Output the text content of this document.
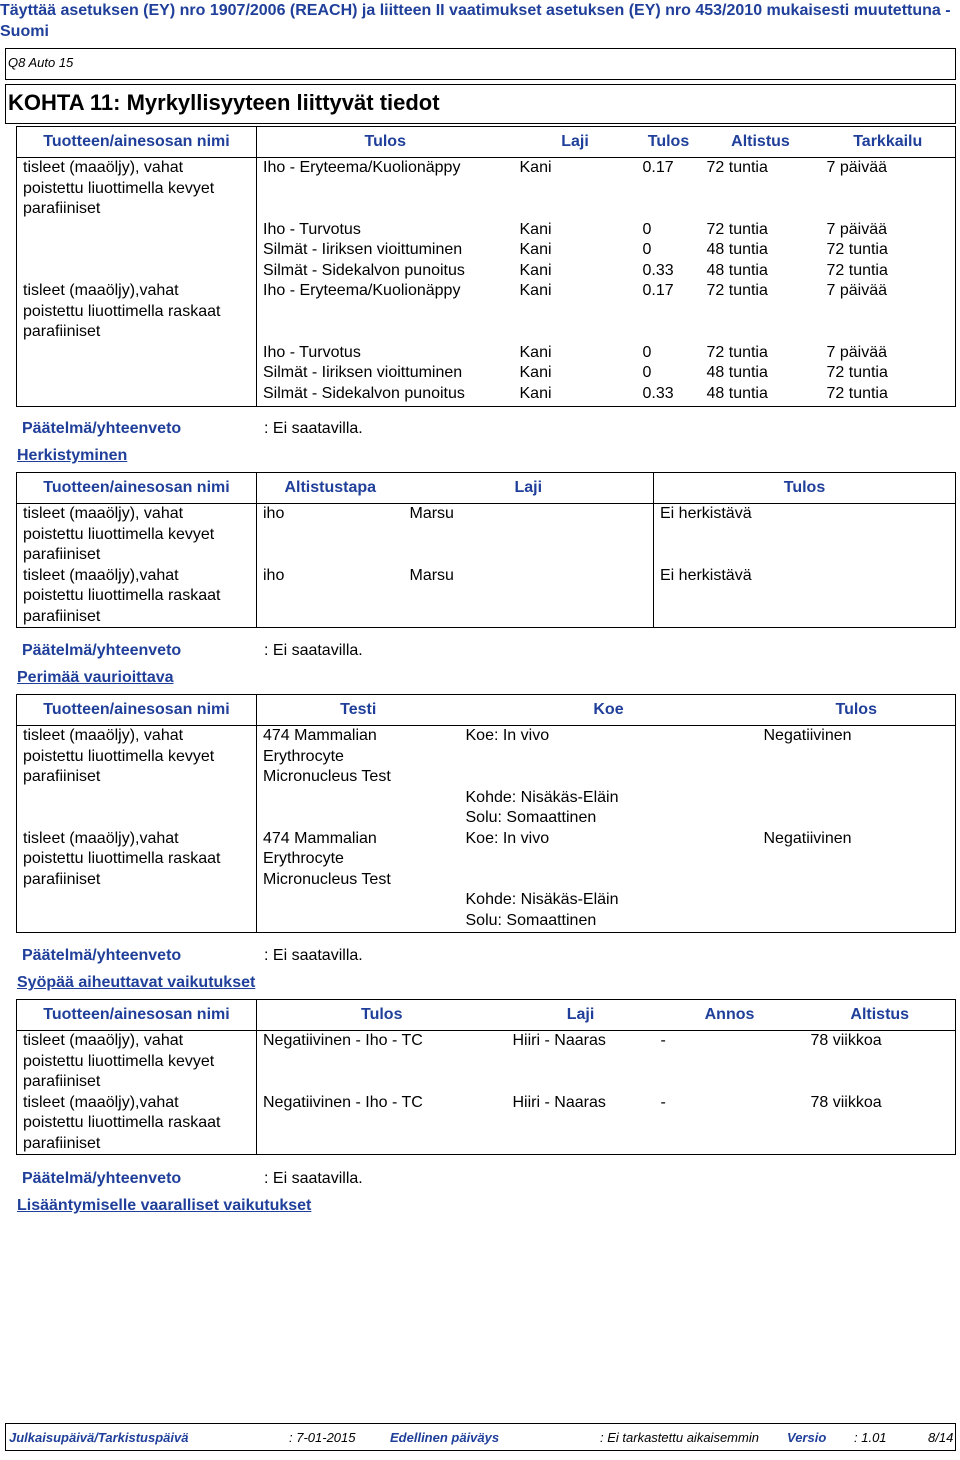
Täyttää asetuksen (EY) nro 1907/2006 (REACH) ja liitteen II vaatimukset asetuksen (EY) nro 453/2010 mukaisesti muutettuna - Suomi
Q8 Auto 15
KOHTA 11: Myrkyllisyyteen liittyvät tiedot
Tuotteen/ainesosan nimi	Tulos	Laji	Tulos	Altistus	Tarkkailu
tisleet (maaöljy), vahat
poistettu liuottimella kevyet
parafiiniset	Iho - Eryteema/Kuolionäppy	Kani	0.17	72 tuntia	7 päivää
	Iho - Turvotus	Kani	0	72 tuntia	7 päivää
	Silmät - Iiriksen vioittuminen	Kani	0	48 tuntia	72 tuntia
	Silmät - Sidekalvon punoitus	Kani	0.33	48 tuntia	72 tuntia
tisleet (maaöljy),vahat
poistettu liuottimella raskaat
parafiiniset	Iho - Eryteema/Kuolionäppy	Kani	0.17	72 tuntia	7 päivää
	Iho - Turvotus	Kani	0	72 tuntia	7 päivää
	Silmät - Iiriksen vioittuminen	Kani	0	48 tuntia	72 tuntia
	Silmät - Sidekalvon punoitus	Kani	0.33	48 tuntia	72 tuntia
Päätelmä/yhteenveto	: Ei saatavilla.
Herkistyminen
Tuotteen/ainesosan nimi	Altistustapa	Laji	Tulos
tisleet (maaöljy), vahat
poistettu liuottimella kevyet
parafiiniset	iho	Marsu	Ei herkistävä
tisleet (maaöljy),vahat
poistettu liuottimella raskaat
parafiiniset	iho	Marsu	Ei herkistävä
Päätelmä/yhteenveto	: Ei saatavilla.
Perimää vaurioittava
Tuotteen/ainesosan nimi	Testi	Koe	Tulos
tisleet (maaöljy), vahat
poistettu liuottimella kevyet
parafiiniset	474 Mammalian
Erythrocyte
Micronucleus Test	Koe: In vivo

Kohde: Nisäkäs-Eläin
Solu: Somaattinen	Negatiivinen
tisleet (maaöljy),vahat
poistettu liuottimella raskaat
parafiiniset	474 Mammalian
Erythrocyte
Micronucleus Test	Koe: In vivo

Kohde: Nisäkäs-Eläin
Solu: Somaattinen	Negatiivinen
Päätelmä/yhteenveto	: Ei saatavilla.
Syöpää aiheuttavat vaikutukset
Tuotteen/ainesosan nimi	Tulos	Laji	Annos	Altistus
tisleet (maaöljy), vahat
poistettu liuottimella kevyet
parafiiniset	Negatiivinen - Iho - TC	Hiiri - Naaras	-	78 viikkoa
tisleet (maaöljy),vahat
poistettu liuottimella raskaat
parafiiniset	Negatiivinen - Iho - TC	Hiiri - Naaras	-	78 viikkoa
Päätelmä/yhteenveto	: Ei saatavilla.
Lisääntymiselle vaaralliset vaikutukset
Julkaisupäivä/Tarkistuspäivä	: 7-01-2015	Edellinen päiväys	: Ei tarkastettu aikaisemmin Versio : 1.01	8/14
